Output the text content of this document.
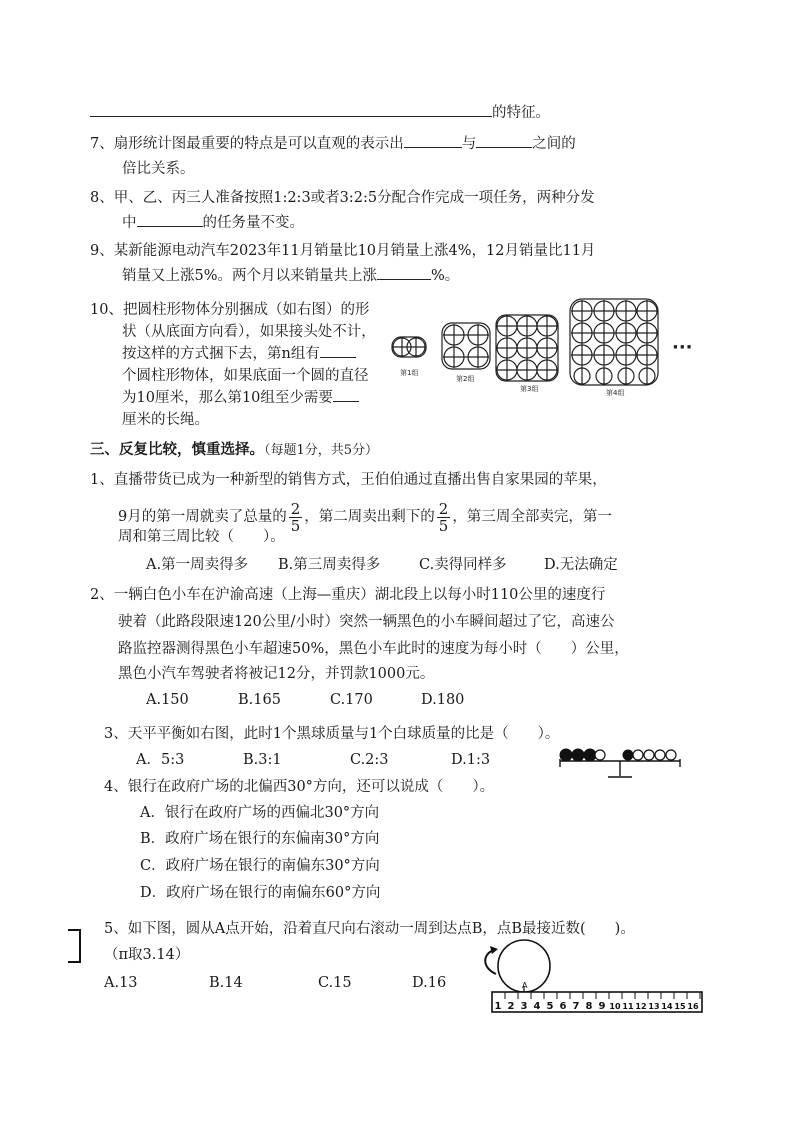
的特征。
7、扇形统计图最重要的特点是可以直观的表示出	与	之间的
倍比关系。
8、甲、乙、丙三人准备按照1:2:3或者3:2:5分配合作完成一项任务，两种分发
中	的任务量不变。
9、某新能源电动汽车2023年11月销量比10月销量上涨4%，12月销量比11月
销量又上涨5%。两个月以来销量共上涨	%。
10、把圆柱形物体分别捆成（如右图）的形
状（从底面方向看），如果接头处不计，
按这样的方式捆下去，第n组有
个圆柱形物体，如果底面一个圆的直径
为10厘米，那么第10组至少需要
厘米的长绳。
第1组
第2组
第3组	第4组
···
三、反复比较，慎重选择。（每题1分，共5分）
1、直播带货已成为一种新型的销售方式，王伯伯通过直播出售自家果园的苹果，
9月的第一周就卖了总量的 $\frac{2}{5}$ ，第二周卖出剩下的 $\frac{2}{5}$ ，第三周全部卖完，第一
周和第三周比较（　　）。
A.第一周卖得多 B.第三周卖得多	C.卖得同样多	D.无法确定
2、一辆白色小车在沪渝高速（上海—重庆）湖北段上以每小时110公里的速度行
驶着（此路段限速120公里/小时）突然一辆黑色的小车瞬间超过了它，高速公
路监控器测得黑色小车超速50%，黑色小车此时的速度为每小时（　　）公里，
黑色小汽车驾驶者将被记12分，并罚款1000元。
A.150	B.165	C.170	D.180
3、天平平衡如右图，此时1个黑球质量与1个白球质量的比是（　　）。
A．5:3	B.3:1	C.2:3	D.1:3
4、银行在政府广场的北偏西30°方向，还可以说成（　　）。
A．银行在政府广场的西偏北30°方向
B．政府广场在银行的东偏南30°方向
C．政府广场在银行的南偏东30°方向
D．政府广场在银行的南偏东60°方向
5、如下图，圆从A点开始，沿着直尺向右滚动一周到达点B，点B最接近数(　　)。
（π取3.14）
A.13	B.14	C.15	D.16	A
1 2 3 4 5 6 7 8 9 10 11 12 13 14 15 16
